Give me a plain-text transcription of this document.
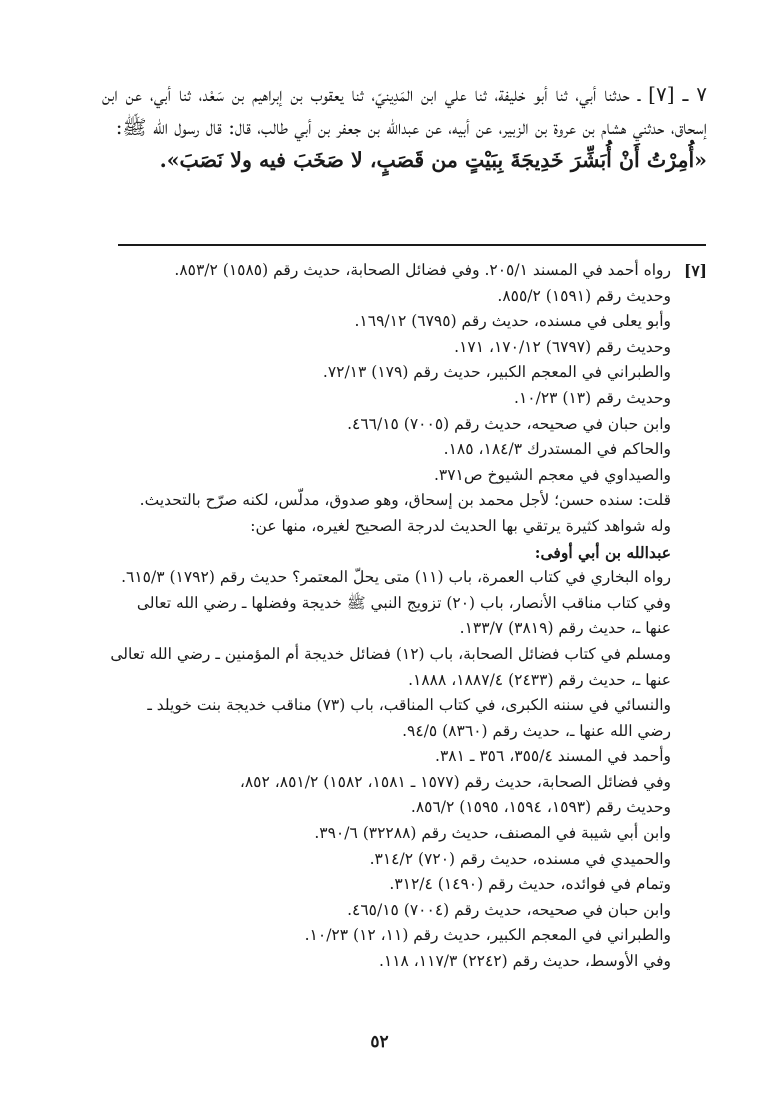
٧ ـ [٧] ـ حدثنا أبي، ثنا أبو خليفة، ثنا علي ابن المَدِينيّ، ثنا يعقوب بن إبراهيم بن سَعْد، ثنا أبي، عن ابن إسحاق، حدثني هشام بن عروة بن الزبير، عن أبيه، عن عبدالله بن جعفر بن أبي طالب، قال: قال رسول الله ﷺ:

«أُمِرْتُ أَنْ أُبَشِّرَ خَدِيجَةَ بِبَيْتٍ من قَصَبٍ، لا صَخَبَ فيه ولا نَصَبَ».

[٧]
رواه أحمد في المسند ٢٠٥/١. وفي فضائل الصحابة، حديث رقم (١٥٨٥) ٨٥٣/٢.
وحديث رقم (١٥٩١) ٨٥٥/٢.
وأبو يعلى في مسنده، حديث رقم (٦٧٩٥) ١٦٩/١٢.
وحديث رقم (٦٧٩٧) ١٧٠/١٢، ١٧١.
والطبراني في المعجم الكبير، حديث رقم (١٧٩) ٧٢/١٣.
وحديث رقم (١٣) ١٠/٢٣.
وابن حبان في صحيحه، حديث رقم (٧٠٠٥) ٤٦٦/١٥.
والحاكم في المستدرك ١٨٤/٣، ١٨٥.
والصيداوي في معجم الشيوخ ص٣٧١.
قلت: سنده حسن؛ لأجل محمد بن إسحاق، وهو صدوق، مدلّس، لكنه صرّح بالتحديث.
وله شواهد كثيرة يرتقي بها الحديث لدرجة الصحيح لغيره، منها عن:
عبدالله بن أبي أوفى:
رواه البخاري في كتاب العمرة، باب (١١) متى يحلّ المعتمر؟ حديث رقم (١٧٩٢) ٦١٥/٣.
وفي كتاب مناقب الأنصار، باب (٢٠) تزويج النبي ﷺ خديجة وفضلها ـ رضي الله تعالى عنها ـ، حديث رقم (٣٨١٩) ١٣٣/٧.
ومسلم في كتاب فضائل الصحابة، باب (١٢) فضائل خديجة أم المؤمنين ـ رضي الله تعالى عنها ـ، حديث رقم (٢٤٣٣) ١٨٨٧/٤، ١٨٨٨.
والنسائي في سننه الكبرى، في كتاب المناقب، باب (٧٣) مناقب خديجة بنت خويلد ـ رضي الله عنها ـ، حديث رقم (٨٣٦٠) ٩٤/٥.
وأحمد في المسند ٣٥٥/٤، ٣٥٦ ـ ٣٨١.
وفي فضائل الصحابة، حديث رقم (١٥٧٧ ـ ١٥٨١، ١٥٨٢) ٨٥١/٢، ٨٥٢،
وحديث رقم (١٥٩٣، ١٥٩٤، ١٥٩٥) ٨٥٦/٢.
وابن أبي شيبة في المصنف، حديث رقم (٣٢٢٨٨) ٣٩٠/٦.
والحميدي في مسنده، حديث رقم (٧٢٠) ٣١٤/٢.
وتمام في فوائده، حديث رقم (١٤٩٠) ٣١٢/٤.
وابن حبان في صحيحه، حديث رقم (٧٠٠٤) ٤٦٥/١٥.
والطبراني في المعجم الكبير، حديث رقم (١١، ١٢) ١٠/٢٣.
وفي الأوسط، حديث رقم (٢٢٤٢) ١١٧/٣، ١١٨.
٥٢
